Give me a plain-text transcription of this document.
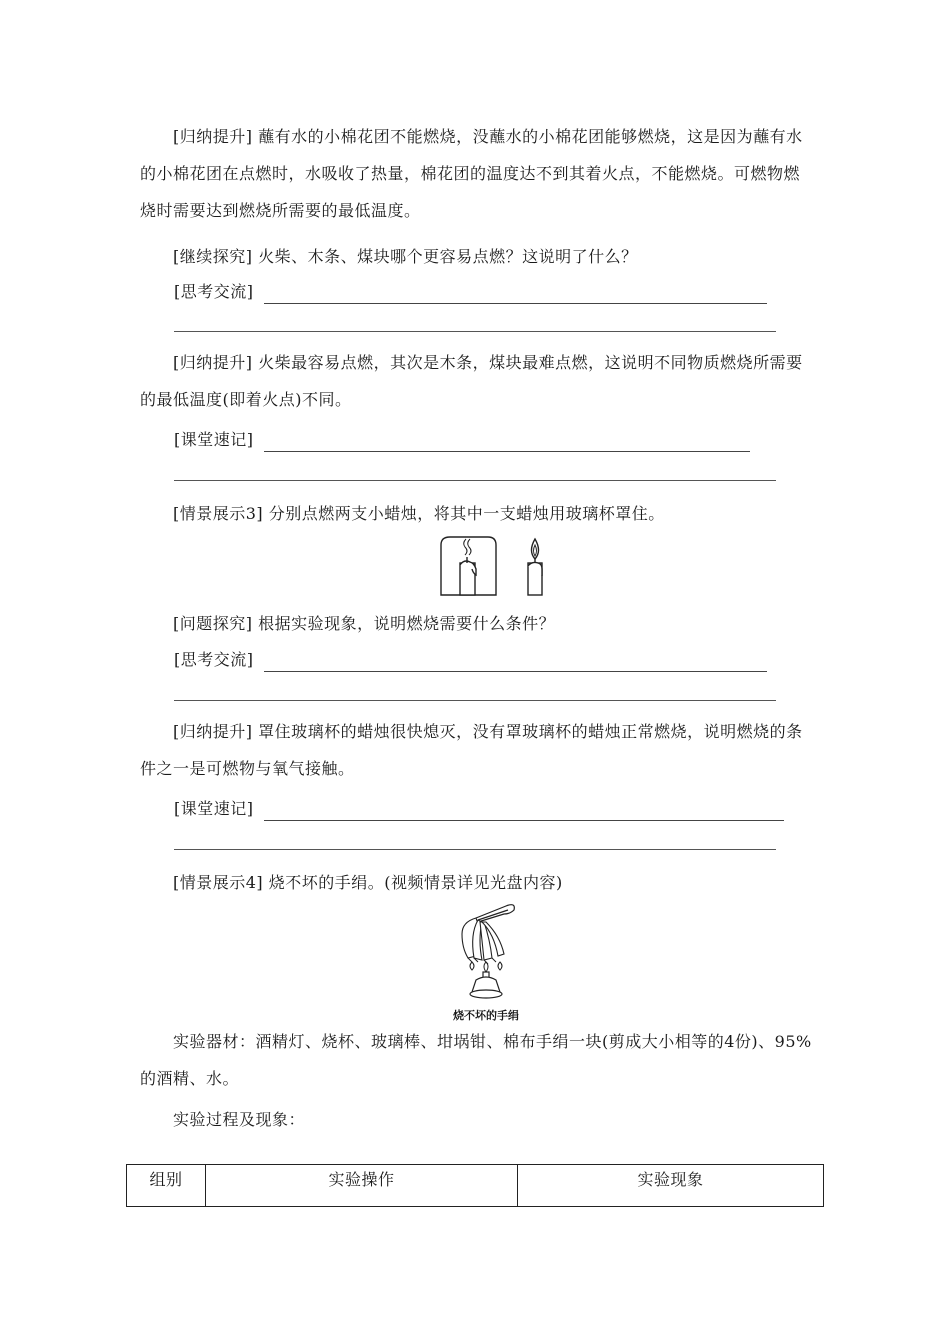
[归纳提升] 蘸有水的小棉花团不能燃烧，没蘸水的小棉花团能够燃烧，这是因为蘸有水的小棉花团在点燃时，水吸收了热量，棉花团的温度达不到其着火点，不能燃烧。可燃物燃烧时需要达到燃烧所需要的最低温度。
[继续探究] 火柴、木条、煤块哪个更容易点燃？这说明了什么？
[思考交流]
[归纳提升] 火柴最容易点燃，其次是木条，煤块最难点燃，这说明不同物质燃烧所需要的最低温度(即着火点)不同。
[课堂速记]
[情景展示3] 分别点燃两支小蜡烛，将其中一支蜡烛用玻璃杯罩住。
[问题探究] 根据实验现象，说明燃烧需要什么条件？
[思考交流]
[归纳提升] 罩住玻璃杯的蜡烛很快熄灭，没有罩玻璃杯的蜡烛正常燃烧，说明燃烧的条件之一是可燃物与氧气接触。
[课堂速记]
[情景展示4] 烧不坏的手绢。(视频情景详见光盘内容)
烧不坏的手绢
实验器材：酒精灯、烧杯、玻璃棒、坩埚钳、棉布手绢一块(剪成大小相等的4份)、95%的酒精、水。
实验过程及现象：
组别	实验操作	实验现象
